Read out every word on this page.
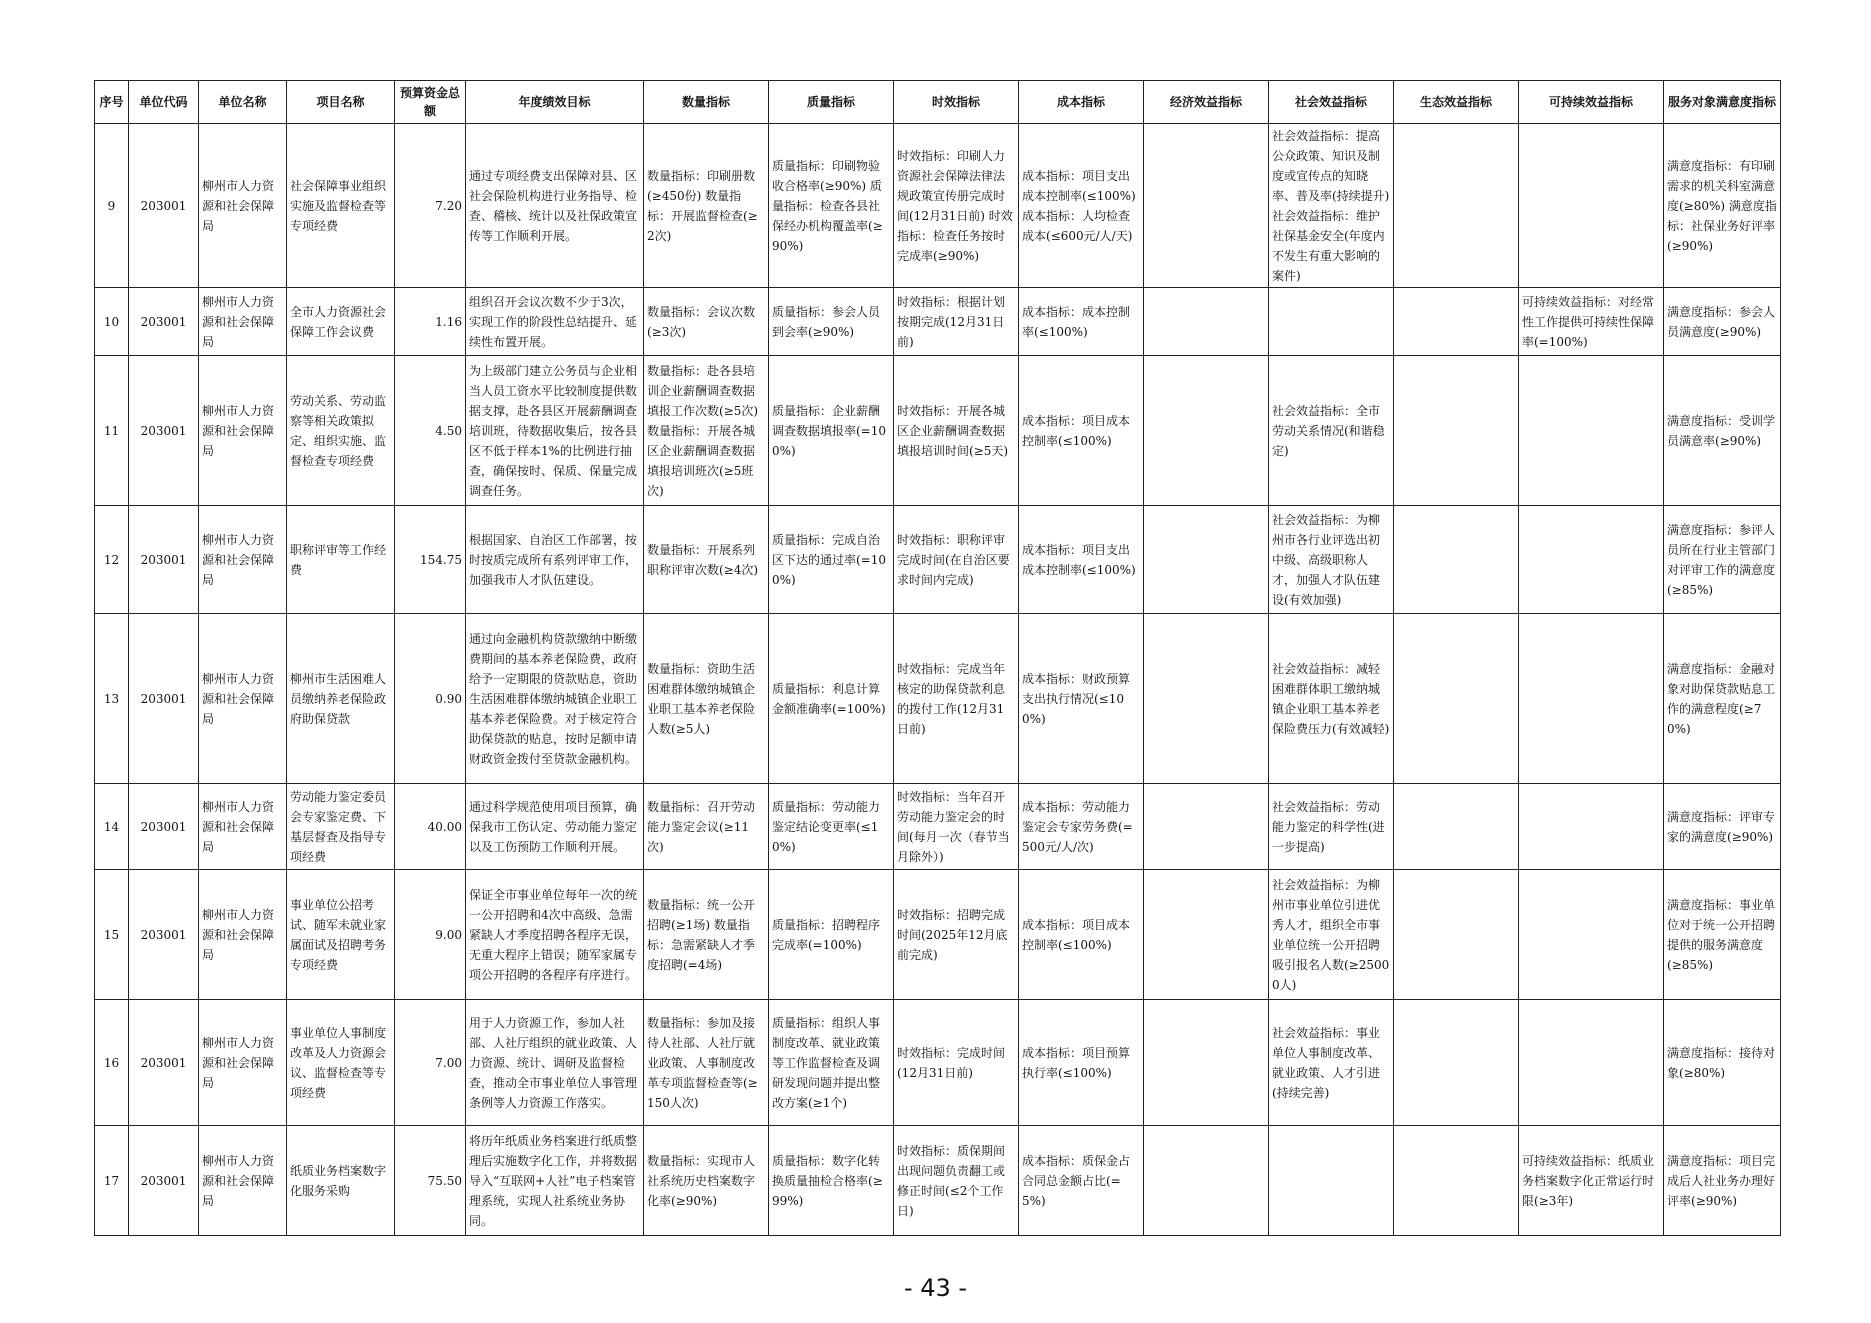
序号	单位代码	单位名称	项目名称	预算资金总额	年度绩效目标	数量指标	质量指标	时效指标	成本指标	经济效益指标	社会效益指标	生态效益指标	可持续效益指标	服务对象满意度指标
9	203001	柳州市人力资源和社会保障局	社会保障事业组织实施及监督检查等专项经费	7.20	通过专项经费支出保障对县、区社会保险机构进行业务指导、检查、稽核、统计以及社保政策宣传等工作顺利开展。	数量指标：印刷册数(≥450份) 数量指标：开展监督检查(≥2次)	质量指标：印刷物验收合格率(≥90%) 质量指标：检查各县社保经办机构覆盖率(≥90%)	时效指标：印刷人力资源社会保障法律法规政策宣传册完成时间(12月31日前) 时效指标：检查任务按时完成率(≥90%)	成本指标：项目支出成本控制率(≤100%) 成本指标：人均检查成本(≤600元/人/天)		社会效益指标：提高公众政策、知识及制度或宣传点的知晓率、普及率(持续提升) 社会效益指标：维护社保基金安全(年度内不发生有重大影响的案件)			满意度指标：有印刷需求的机关科室满意度(≥80%) 满意度指标：社保业务好评率(≥90%)
10	203001	柳州市人力资源和社会保障局	全市人力资源社会保障工作会议费	1.16	组织召开会议次数不少于3次，实现工作的阶段性总结提升、延续性布置开展。	数量指标：会议次数(≥3次)	质量指标：参会人员到会率(≥90%)	时效指标：根据计划按期完成(12月31日前)	成本指标：成本控制率(≤100%)				可持续效益指标：对经常性工作提供可持续性保障率(=100%)	满意度指标：参会人员满意度(≥90%)
11	203001	柳州市人力资源和社会保障局	劳动关系、劳动监察等相关政策拟定、组织实施、监督检查专项经费	4.50	为上级部门建立公务员与企业相当人员工资水平比较制度提供数据支撑，赴各县区开展薪酬调查培训班，待数据收集后，按各县区不低于样本1%的比例进行抽查，确保按时、保质、保量完成调查任务。	数量指标：赴各县培训企业薪酬调查数据填报工作次数(≥5次) 数量指标：开展各城区企业薪酬调查数据填报培训班次(≥5班次)	质量指标：企业薪酬调查数据填报率(=100%)	时效指标：开展各城区企业薪酬调查数据填报培训时间(≥5天)	成本指标：项目成本控制率(≤100%)		社会效益指标：全市劳动关系情况(和谐稳定)			满意度指标：受训学员满意率(≥90%)
12	203001	柳州市人力资源和社会保障局	职称评审等工作经费	154.75	根据国家、自治区工作部署，按时按质完成所有系列评审工作，加强我市人才队伍建设。	数量指标：开展系列职称评审次数(≥4次)	质量指标：完成自治区下达的通过率(=100%)	时效指标：职称评审完成时间(在自治区要求时间内完成)	成本指标：项目支出成本控制率(≤100%)		社会效益指标：为柳州市各行业评选出初中级、高级职称人才，加强人才队伍建设(有效加强)			满意度指标：参评人员所在行业主管部门对评审工作的满意度(≥85%)
13	203001	柳州市人力资源和社会保障局	柳州市生活困难人员缴纳养老保险政府助保贷款	0.90	通过向金融机构贷款缴纳中断缴费期间的基本养老保险费，政府给予一定期限的贷款贴息，资助生活困难群体缴纳城镇企业职工基本养老保险费。对于核定符合助保贷款的贴息，按时足额申请财政资金拨付至贷款金融机构。	数量指标：资助生活困难群体缴纳城镇企业职工基本养老保险人数(≥5人)	质量指标：利息计算金额准确率(=100%)	时效指标：完成当年核定的助保贷款利息的拨付工作(12月31日前)	成本指标：财政预算支出执行情况(≤100%)		社会效益指标：减轻困难群体职工缴纳城镇企业职工基本养老保险费压力(有效减轻)			满意度指标：金融对象对助保贷款贴息工作的满意程度(≥70%)
14	203001	柳州市人力资源和社会保障局	劳动能力鉴定委员会专家鉴定费、下基层督查及指导专项经费	40.00	通过科学规范使用项目预算，确保我市工伤认定、劳动能力鉴定以及工伤预防工作顺利开展。	数量指标：召开劳动能力鉴定会议(≥11次)	质量指标：劳动能力鉴定结论变更率(≤10%)	时效指标：当年召开劳动能力鉴定会的时间(每月一次（春节当月除外）)	成本指标：劳动能力鉴定会专家劳务费(=500元/人/次)		社会效益指标：劳动能力鉴定的科学性(进一步提高)			满意度指标：评审专家的满意度(≥90%)
15	203001	柳州市人力资源和社会保障局	事业单位公招考试、随军未就业家属面试及招聘考务专项经费	9.00	保证全市事业单位每年一次的统一公开招聘和4次中高级、急需紧缺人才季度招聘各程序无误，无重大程序上错误；随军家属专项公开招聘的各程序有序进行。	数量指标：统一公开招聘(≥1场) 数量指标：急需紧缺人才季度招聘(=4场)	质量指标：招聘程序完成率(=100%)	时效指标：招聘完成时间(2025年12月底前完成)	成本指标：项目成本控制率(≤100%)		社会效益指标：为柳州市事业单位引进优秀人才，组织全市事业单位统一公开招聘吸引报名人数(≥25000人)			满意度指标：事业单位对于统一公开招聘提供的服务满意度(≥85%)
16	203001	柳州市人力资源和社会保障局	事业单位人事制度改革及人力资源会议、监督检查等专项经费	7.00	用于人力资源工作，参加人社部、人社厅组织的就业政策、人力资源、统计、调研及监督检查，推动全市事业单位人事管理条例等人力资源工作落实。	数量指标：参加及接待人社部、人社厅就业政策、人事制度改革专项监督检查等(≥150人次)	质量指标：组织人事制度改革、就业政策等工作监督检查及调研发现问题并提出整改方案(≥1个)	时效指标：完成时间(12月31日前)	成本指标：项目预算执行率(≤100%)		社会效益指标：事业单位人事制度改革、就业政策、人才引进(持续完善)			满意度指标：接待对象(≥80%)
17	203001	柳州市人力资源和社会保障局	纸质业务档案数字化服务采购	75.50	将历年纸质业务档案进行纸质整理后实施数字化工作，并将数据导入“互联网+人社”电子档案管理系统，实现人社系统业务协同。	数量指标：实现市人社系统历史档案数字化率(≥90%)	质量指标：数字化转换质量抽检合格率(≥99%)	时效指标：质保期间出现问题负责翻工或修正时间(≤2个工作日)	成本指标：质保金占合同总金额占比(=5%)				可持续效益指标：纸质业务档案数字化正常运行时限(≥3年)	满意度指标：项目完成后人社业务办理好评率(≥90%)
- 43 -
